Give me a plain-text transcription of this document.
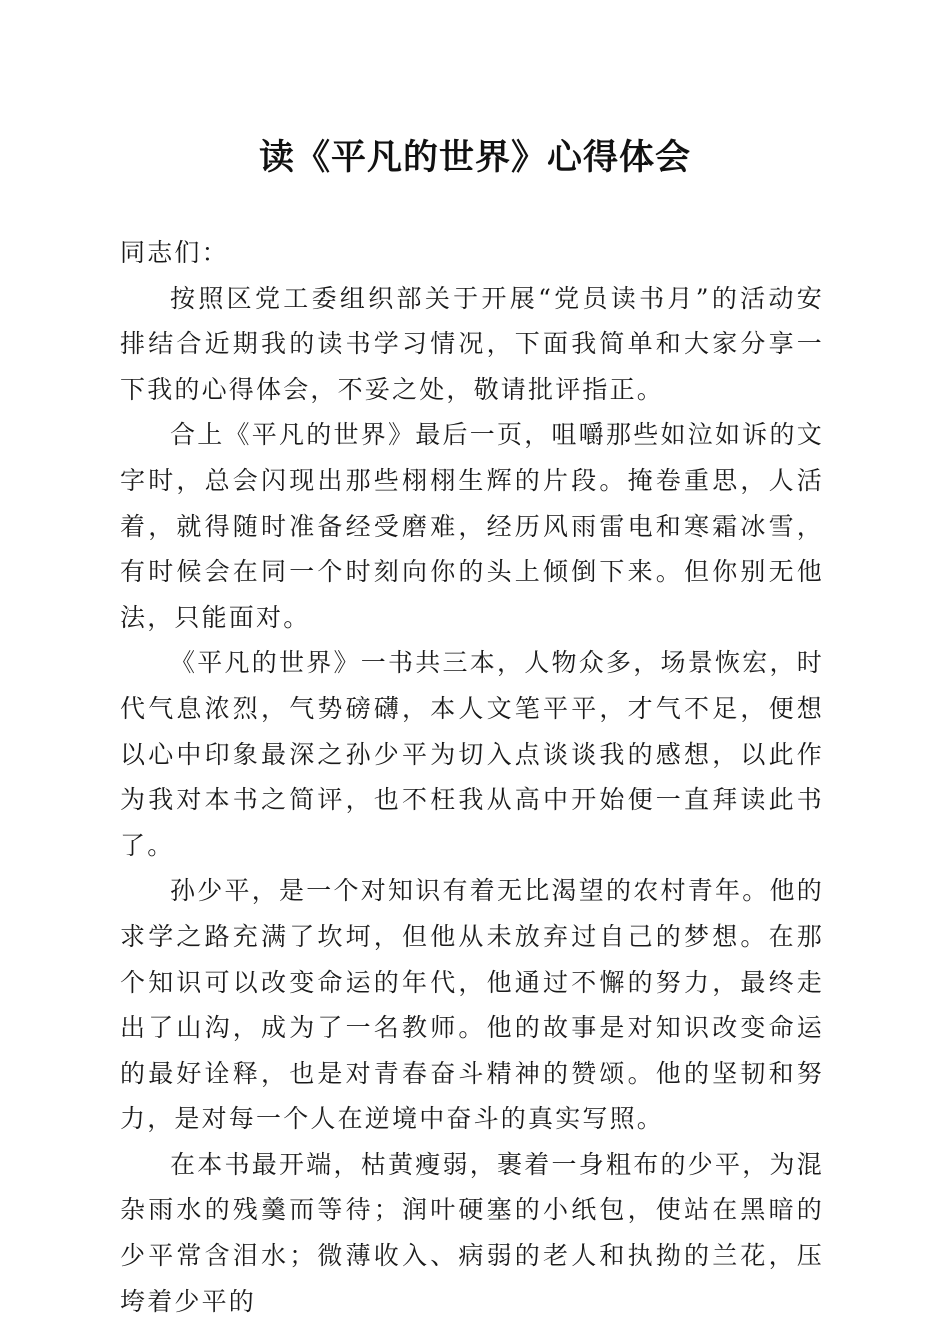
读《平凡的世界》心得体会

同志们：

按照区党工委组织部关于开展“党员读书月”的活动安排结合近期我的读书学习情况，下面我简单和大家分享一下我的心得体会，不妥之处，敬请批评指正。

合上《平凡的世界》最后一页，咀嚼那些如泣如诉的文字时，总会闪现出那些栩栩生辉的片段。掩卷重思，人活着，就得随时准备经受磨难，经历风雨雷电和寒霜冰雪，有时候会在同一个时刻向你的头上倾倒下来。但你别无他法，只能面对。

《平凡的世界》一书共三本，人物众多，场景恢宏，时代气息浓烈，气势磅礴，本人文笔平平，才气不足，便想以心中印象最深之孙少平为切入点谈谈我的感想，以此作为我对本书之简评，也不枉我从高中开始便一直拜读此书了。

孙少平，是一个对知识有着无比渴望的农村青年。他的求学之路充满了坎坷，但他从未放弃过自己的梦想。在那个知识可以改变命运的年代，他通过不懈的努力，最终走出了山沟，成为了一名教师。他的故事是对知识改变命运的最好诠释，也是对青春奋斗精神的赞颂。他的坚韧和努力，是对每一个人在逆境中奋斗的真实写照。

在本书最开端，枯黄瘦弱，裹着一身粗布的少平，为混杂雨水的残羹而等待；润叶硬塞的小纸包，使站在黑暗的少平常含泪水；微薄收入、病弱的老人和执拗的兰花，压垮着少平的
